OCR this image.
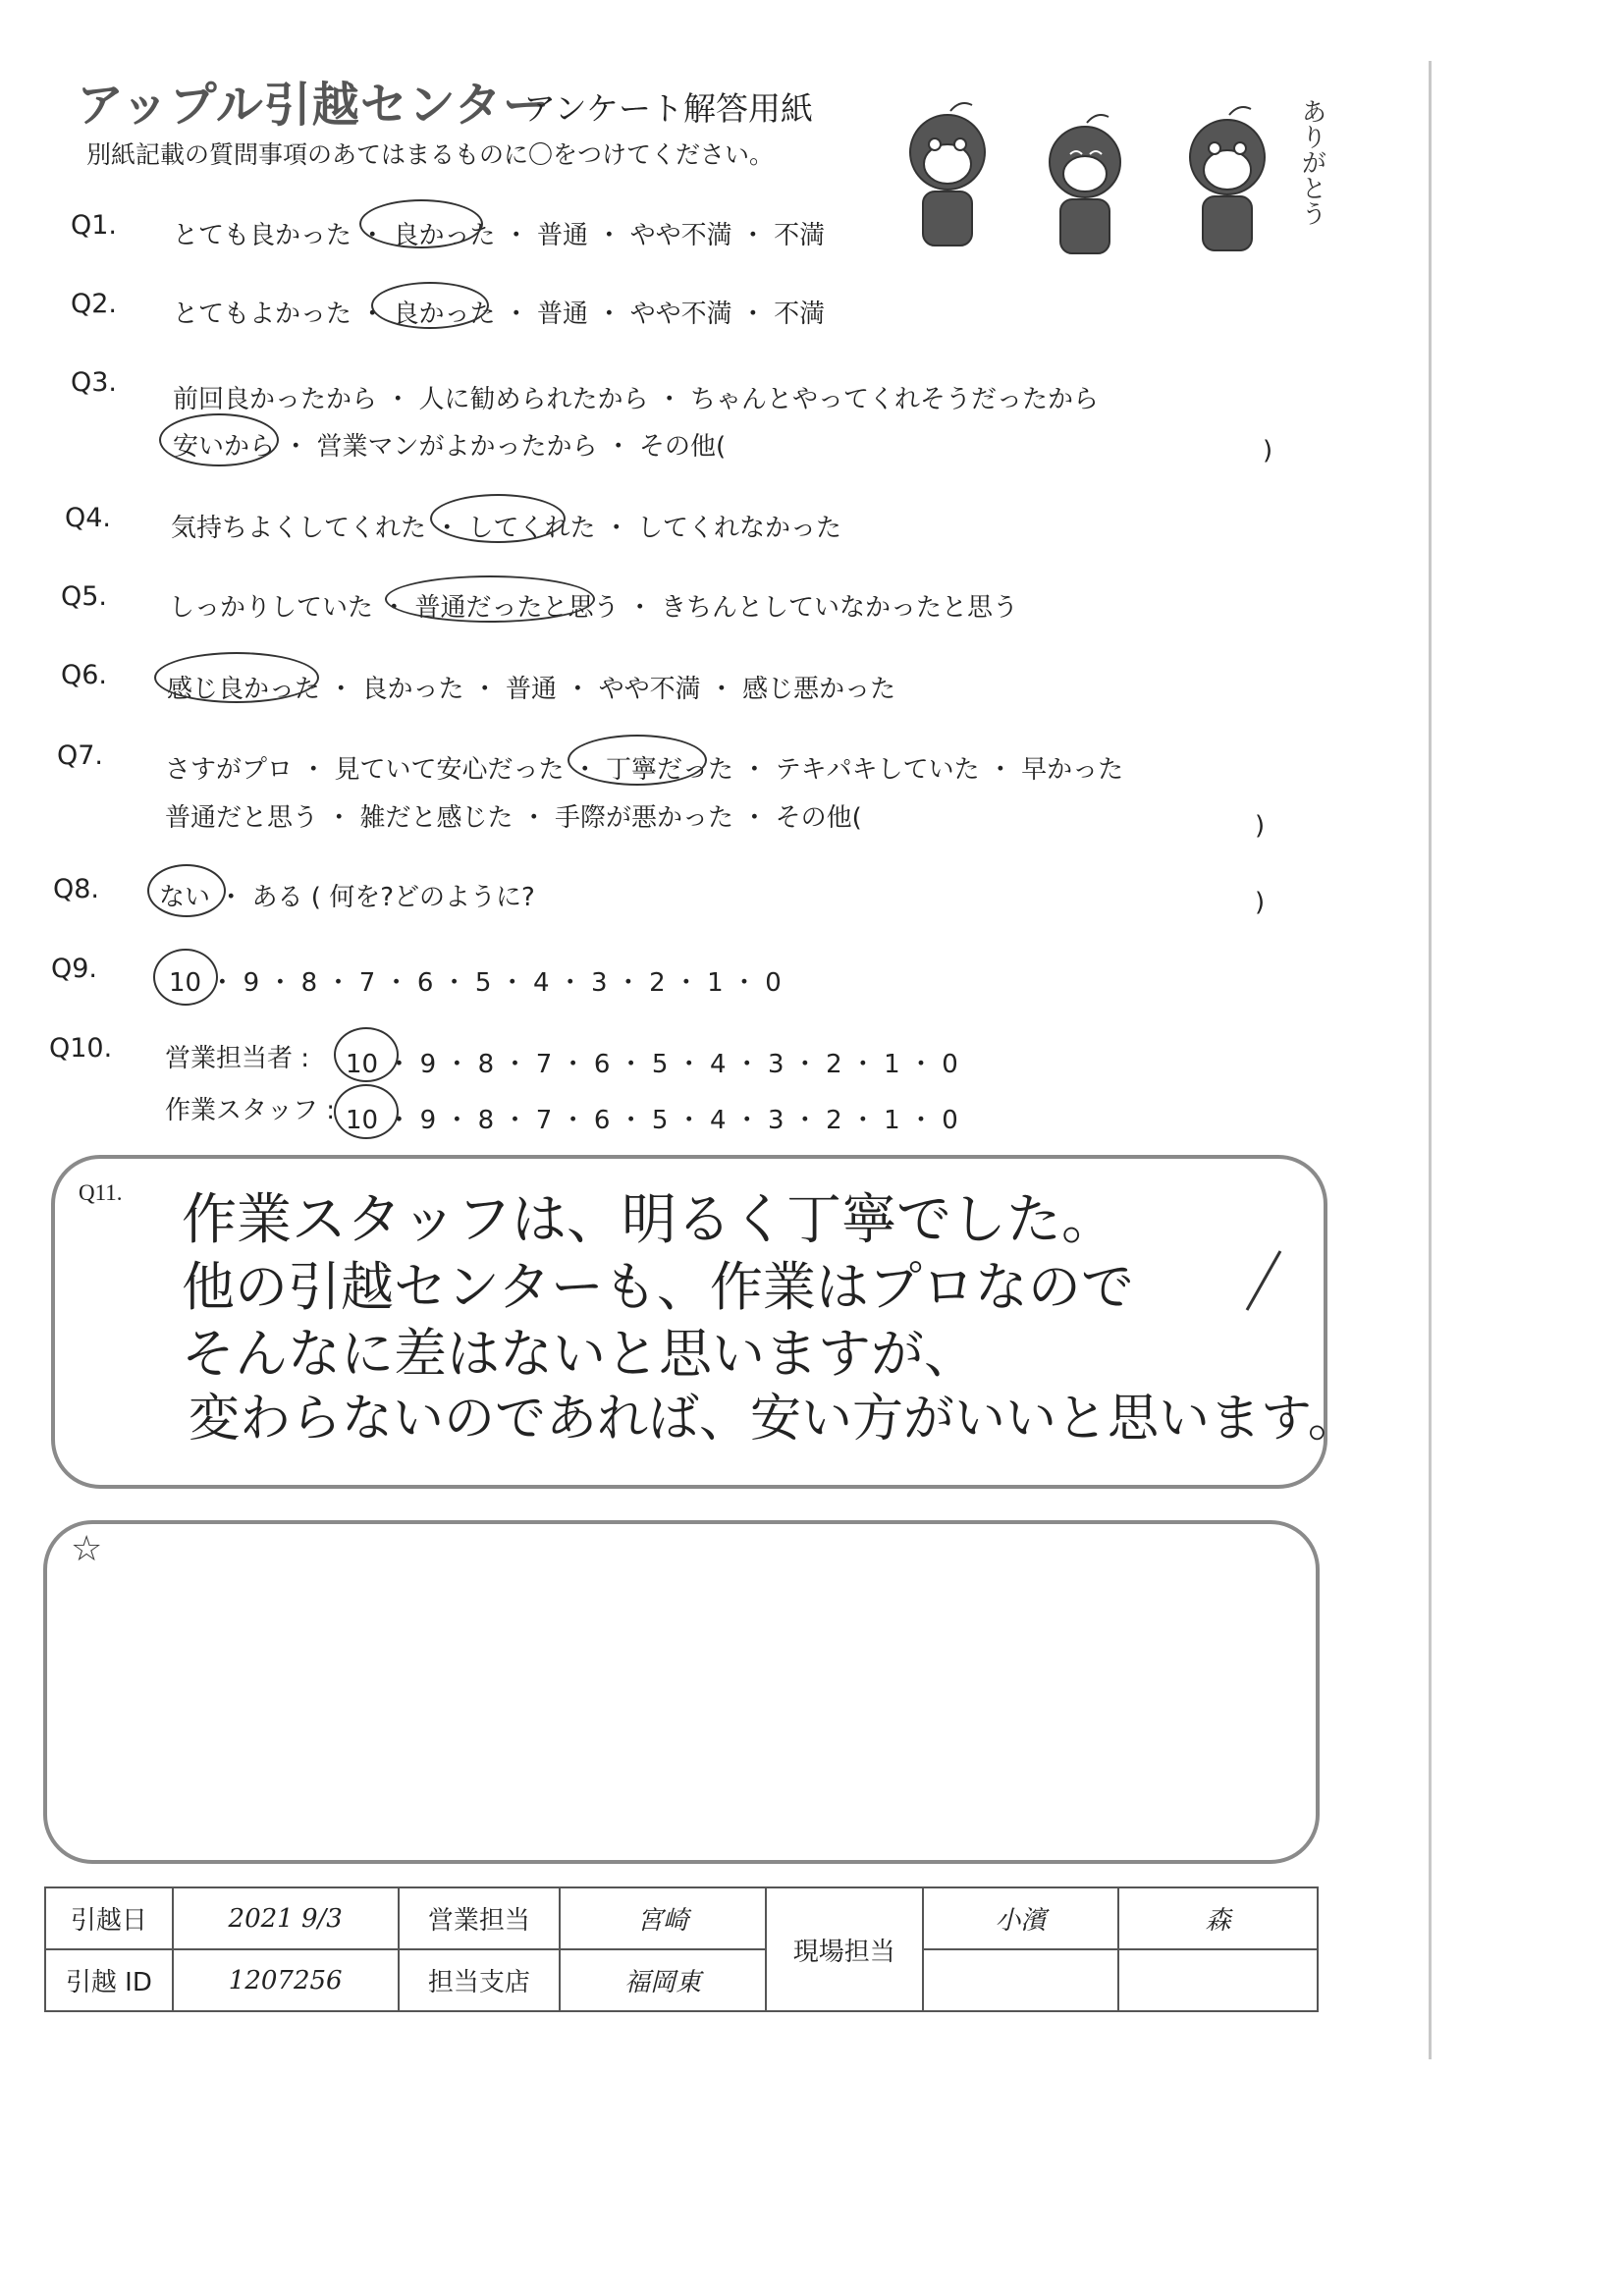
アップル引越センター
アンケート解答用紙
別紙記載の質問事項のあてはまるものに〇をつけてください。	ありがとう
Q1. とても良かった ・ 良かった ・ 普通 ・ やや不満 ・ 不満
Q2. とてもよかった ・ 良かった ・ 普通 ・ やや不満 ・ 不満
Q3.
前回良かったから ・ 人に勧められたから ・ ちゃんとやってくれそうだったから
安いから ・ 営業マンがよかったから ・ その他(	)
Q4. 気持ちよくしてくれた ・ してくれた ・ してくれなかった
Q5. しっかりしていた ・ 普通だったと思う ・ きちんとしていなかったと思う
Q6. 感じ良かった ・ 良かった ・ 普通 ・ やや不満 ・ 感じ悪かった
Q7. さすがプロ ・ 見ていて安心だった ・ 丁寧だった ・ テキパキしていた ・ 早かった
普通だと思う ・ 雑だと感じた ・ 手際が悪かった ・ その他(	)
Q8. ない ・ ある ( 何を?どのように?	)
Q9.	10 ・ 9 ・ 8 ・ 7 ・ 6 ・ 5 ・ 4 ・ 3 ・ 2 ・ 1 ・ 0
Q10. 営業担当者 : 10 ・ 9 ・ 8 ・ 7 ・ 6 ・ 5 ・ 4 ・ 3 ・ 2 ・ 1 ・ 0
作業スタッフ : 10 ・ 9 ・ 8 ・ 7 ・ 6 ・ 5 ・ 4 ・ 3 ・ 2 ・ 1 ・ 0
Q11. 作業スタッフは、明るく丁寧でした。
他の引越センターも、作業はプロなので
そんなに差はないと思いますが、
変わらないのであれば、安い方がいいと思います。
☆
引越日	2021 9/3	営業担当	宮崎	現場担当	小濱	森
引越 ID	1207256	担当支店	福岡東			
